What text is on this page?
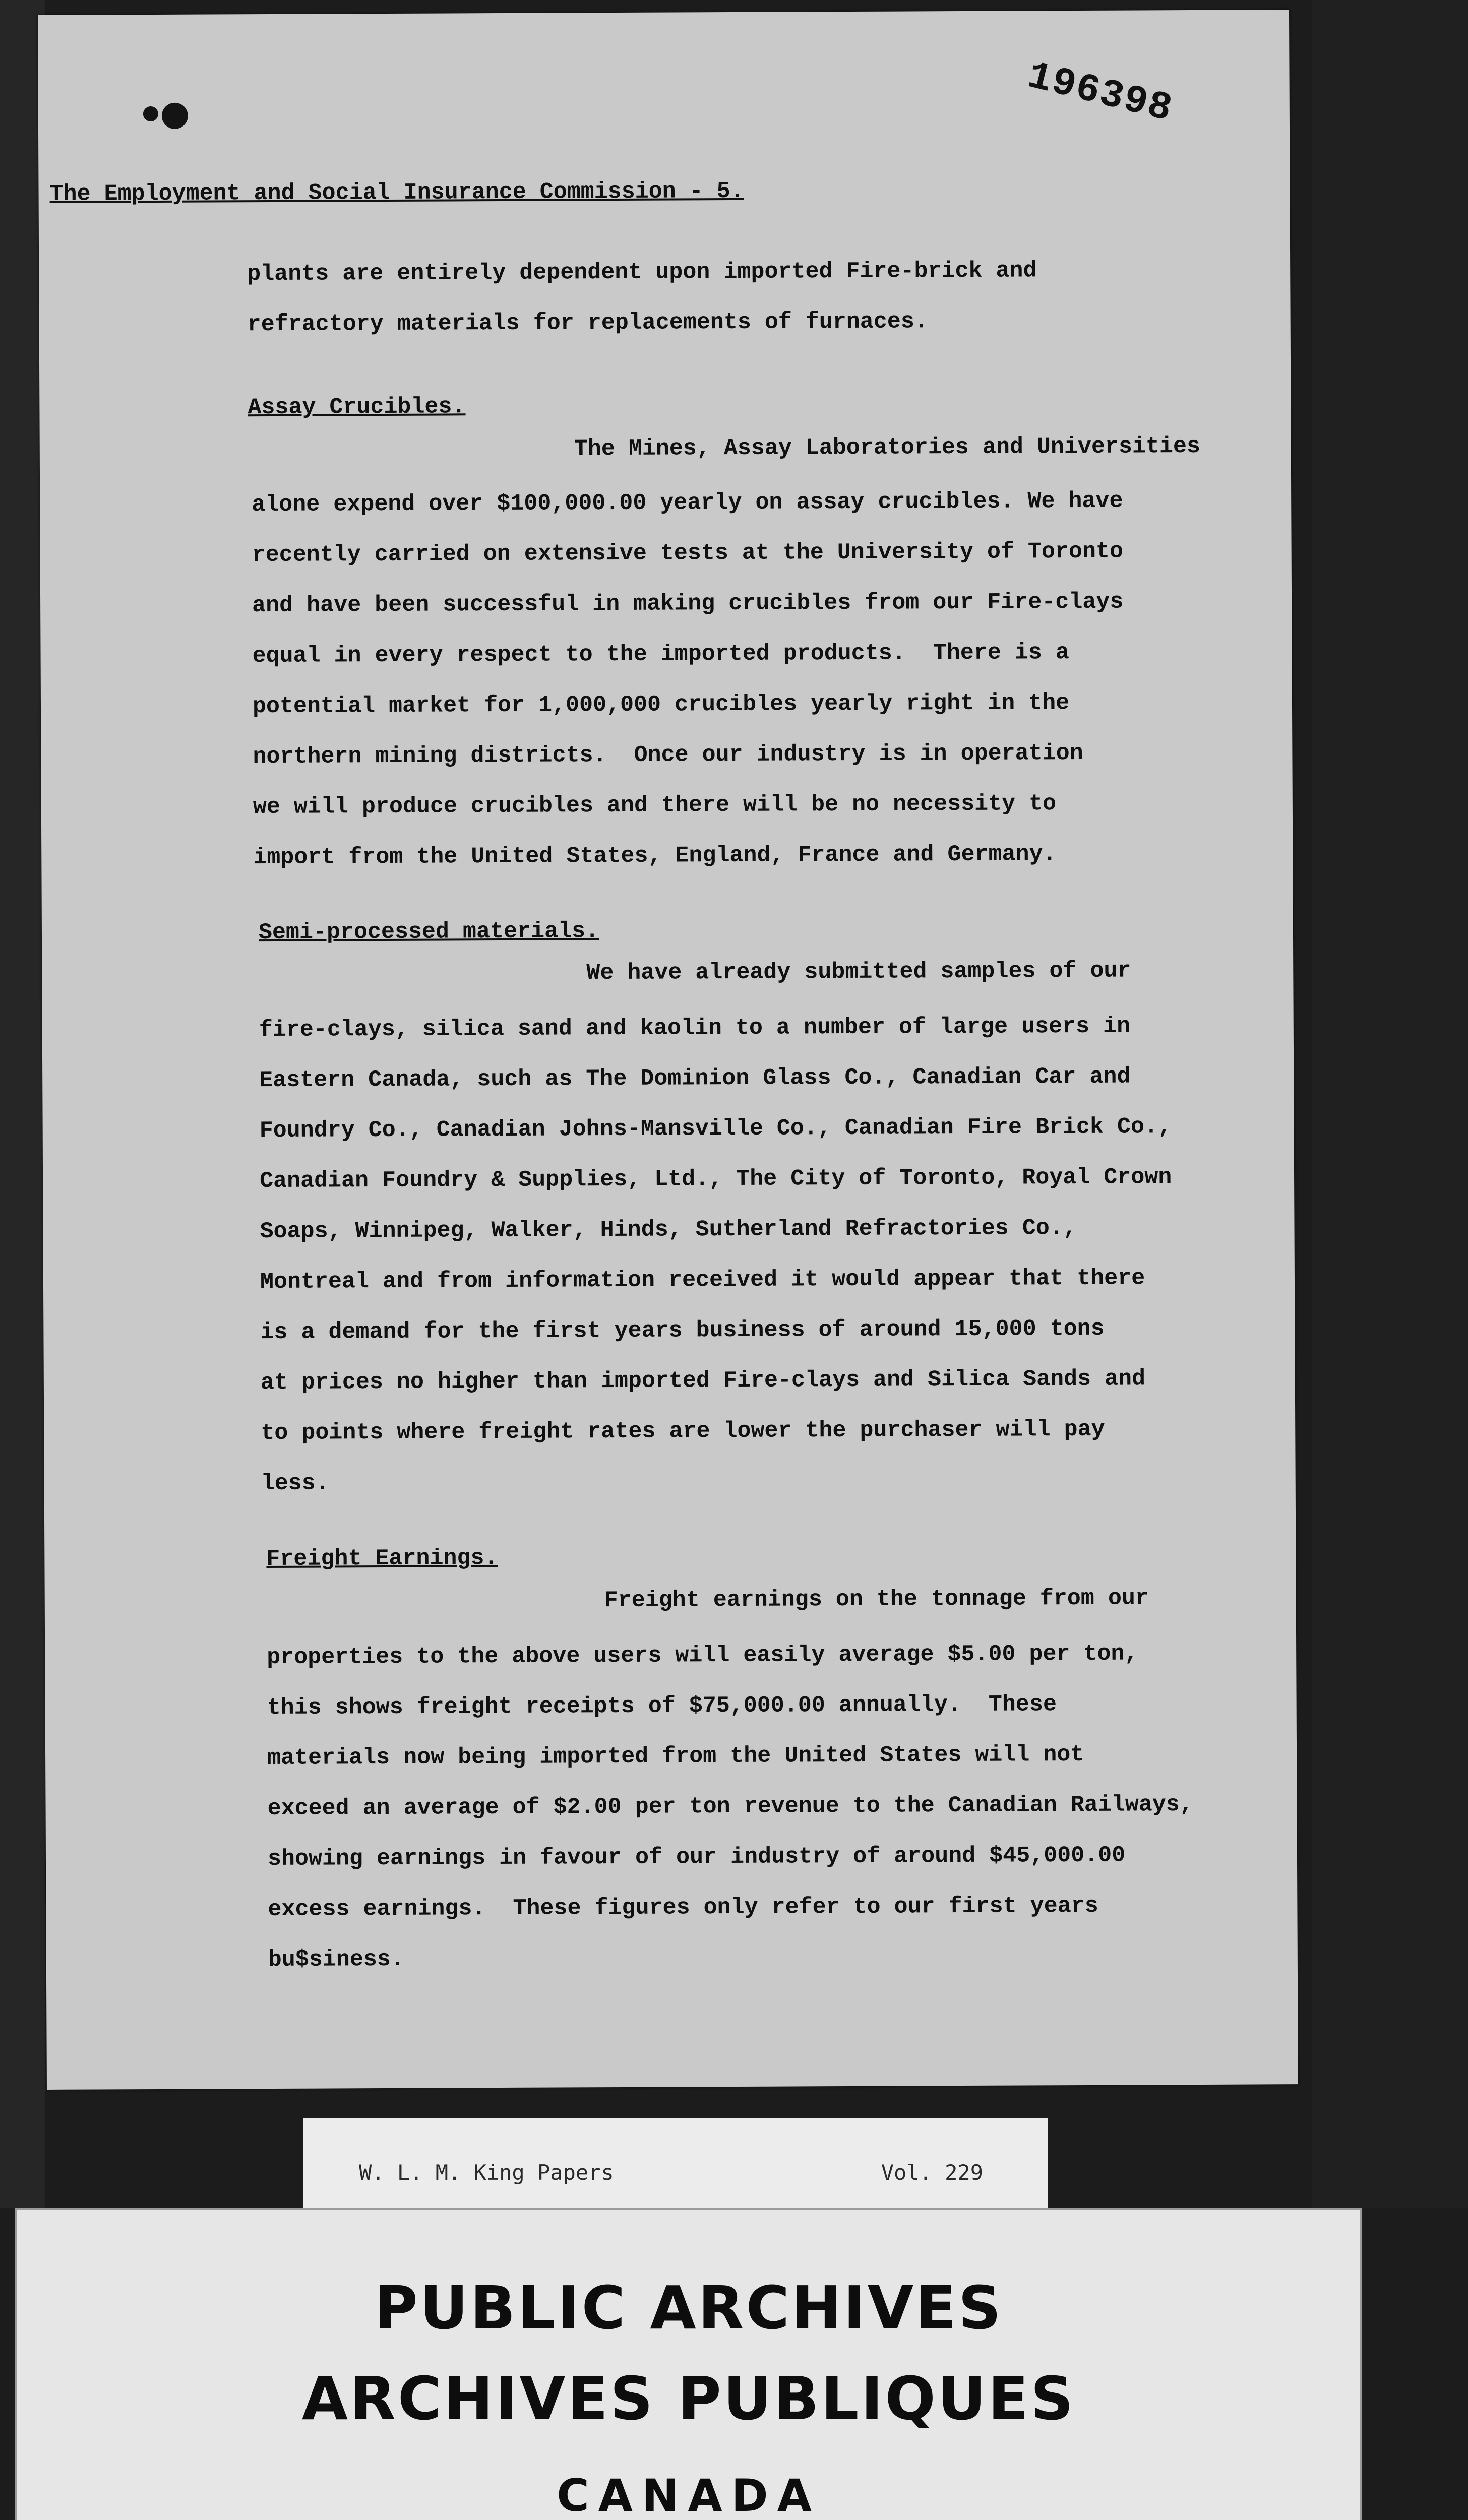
196398
The Employment and Social Insurance Commission - 5.
plants are entirely dependent upon imported Fire-brick and
refractory materials for replacements of furnaces.
Assay Crucibles.
The Mines, Assay Laboratories and Universities
alone expend over $100,000.00 yearly on assay crucibles. We have
recently carried on extensive tests at the University of Toronto
and have been successful in making crucibles from our Fire-clays
equal in every respect to the imported products.  There is a
potential market for 1,000,000 crucibles yearly right in the
northern mining districts.  Once our industry is in operation
we will produce crucibles and there will be no necessity to
import from the United States, England, France and Germany.
Semi-processed materials.
We have already submitted samples of our
fire-clays, silica sand and kaolin to a number of large users in
Eastern Canada, such as The Dominion Glass Co., Canadian Car and
Foundry Co., Canadian Johns-Mansville Co., Canadian Fire Brick Co.,
Canadian Foundry & Supplies, Ltd., The City of Toronto, Royal Crown
Soaps, Winnipeg, Walker, Hinds, Sutherland Refractories Co.,
Montreal and from information received it would appear that there
is a demand for the first years business of around 15,000 tons
at prices no higher than imported Fire-clays and Silica Sands and
to points where freight rates are lower the purchaser will pay
less.
Freight Earnings.
Freight earnings on the tonnage from our
properties to the above users will easily average $5.00 per ton,
this shows freight receipts of $75,000.00 annually.  These
materials now being imported from the United States will not
exceed an average of $2.00 per ton revenue to the Canadian Railways,
showing earnings in favour of our industry of around $45,000.00
excess earnings.  These figures only refer to our first years
bu$siness.
W. L. M. King Papers	Vol. 229
PUBLIC ARCHIVES
ARCHIVES PUBLIQUES
CANADA
